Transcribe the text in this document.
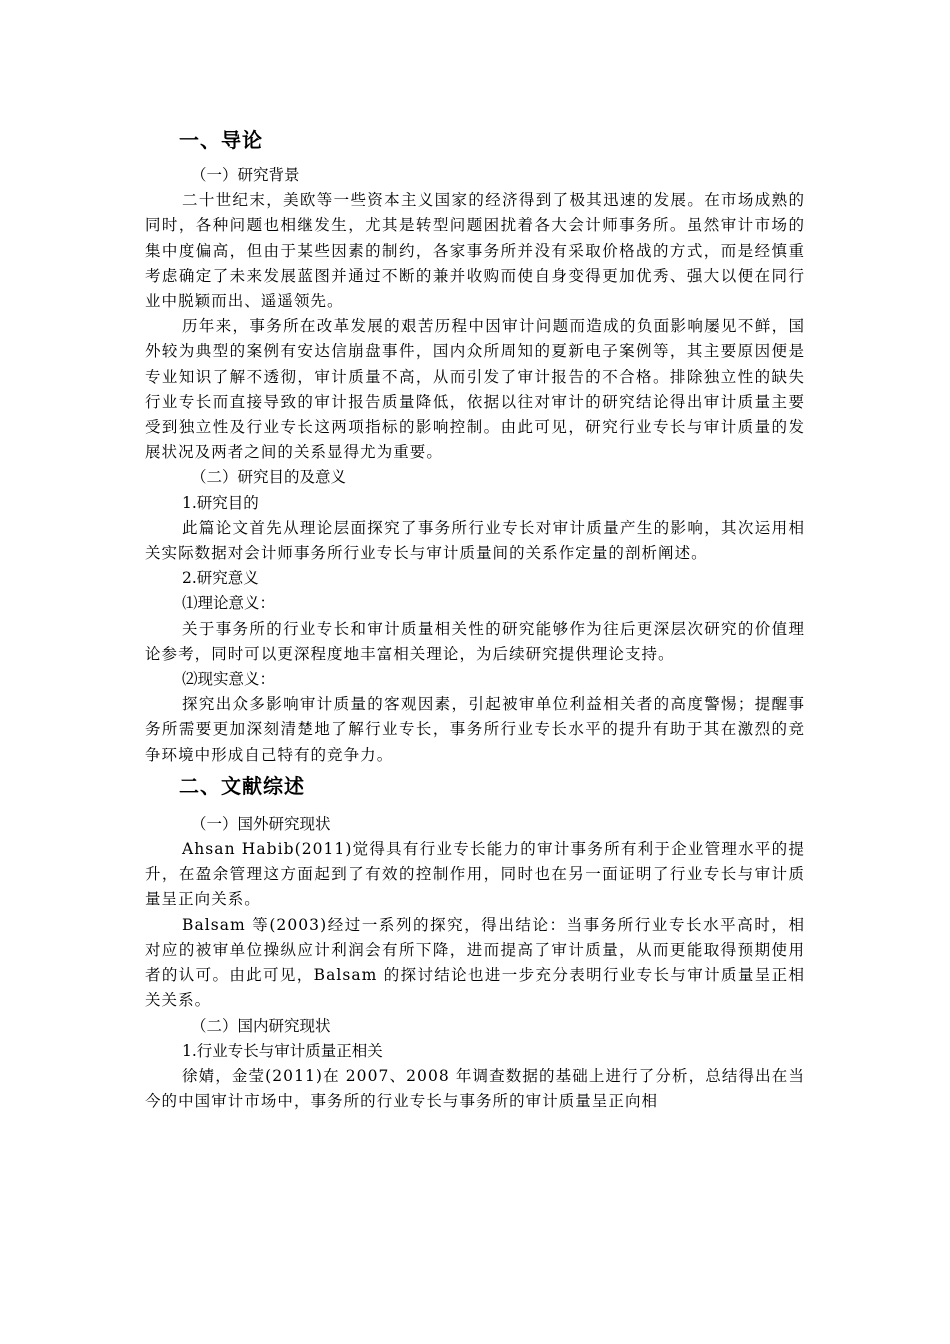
一、导论
（一）研究背景

二十世纪末，美欧等一些资本主义国家的经济得到了极其迅速的发展。在市场成熟的同时，各种问题也相继发生，尤其是转型问题困扰着各大会计师事务所。虽然审计市场的集中度偏高，但由于某些因素的制约，各家事务所并没有采取价格战的方式，而是经慎重考虑确定了未来发展蓝图并通过不断的兼并收购而使自身变得更加优秀、强大以便在同行业中脱颖而出、遥遥领先。

历年来，事务所在改革发展的艰苦历程中因审计问题而造成的负面影响屡见不鲜，国外较为典型的案例有安达信崩盘事件，国内众所周知的夏新电子案例等，其主要原因便是专业知识了解不透彻，审计质量不高，从而引发了审计报告的不合格。排除独立性的缺失行业专长而直接导致的审计报告质量降低，依据以往对审计的研究结论得出审计质量主要受到独立性及行业专长这两项指标的影响控制。由此可见，研究行业专长与审计质量的发展状况及两者之间的关系显得尤为重要。

（二）研究目的及意义
1.研究目的

此篇论文首先从理论层面探究了事务所行业专长对审计质量产生的影响，其次运用相关实际数据对会计师事务所行业专长与审计质量间的关系作定量的剖析阐述。

2.研究意义
⑴理论意义：

关于事务所的行业专长和审计质量相关性的研究能够作为往后更深层次研究的价值理论参考，同时可以更深程度地丰富相关理论，为后续研究提供理论支持。

⑵现实意义：

探究出众多影响审计质量的客观因素，引起被审单位利益相关者的高度警惕；提醒事务所需要更加深刻清楚地了解行业专长，事务所行业专长水平的提升有助于其在激烈的竞争环境中形成自己特有的竞争力。

二、文献综述
（一）国外研究现状

Ahsan Habib(2011)觉得具有行业专长能力的审计事务所有利于企业管理水平的提升，在盈余管理这方面起到了有效的控制作用，同时也在另一面证明了行业专长与审计质量呈正向关系。

Balsam 等(2003)经过一系列的探究，得出结论：当事务所行业专长水平高时，相对应的被审单位操纵应计利润会有所下降，进而提高了审计质量，从而更能取得预期使用者的认可。由此可见，Balsam 的探讨结论也进一步充分表明行业专长与审计质量呈正相关关系。

（二）国内研究现状
1.行业专长与审计质量正相关

徐婧，金莹(2011)在 2007、2008 年调查数据的基础上进行了分析，总结得出在当今的中国审计市场中，事务所的行业专长与事务所的审计质量呈正向相
